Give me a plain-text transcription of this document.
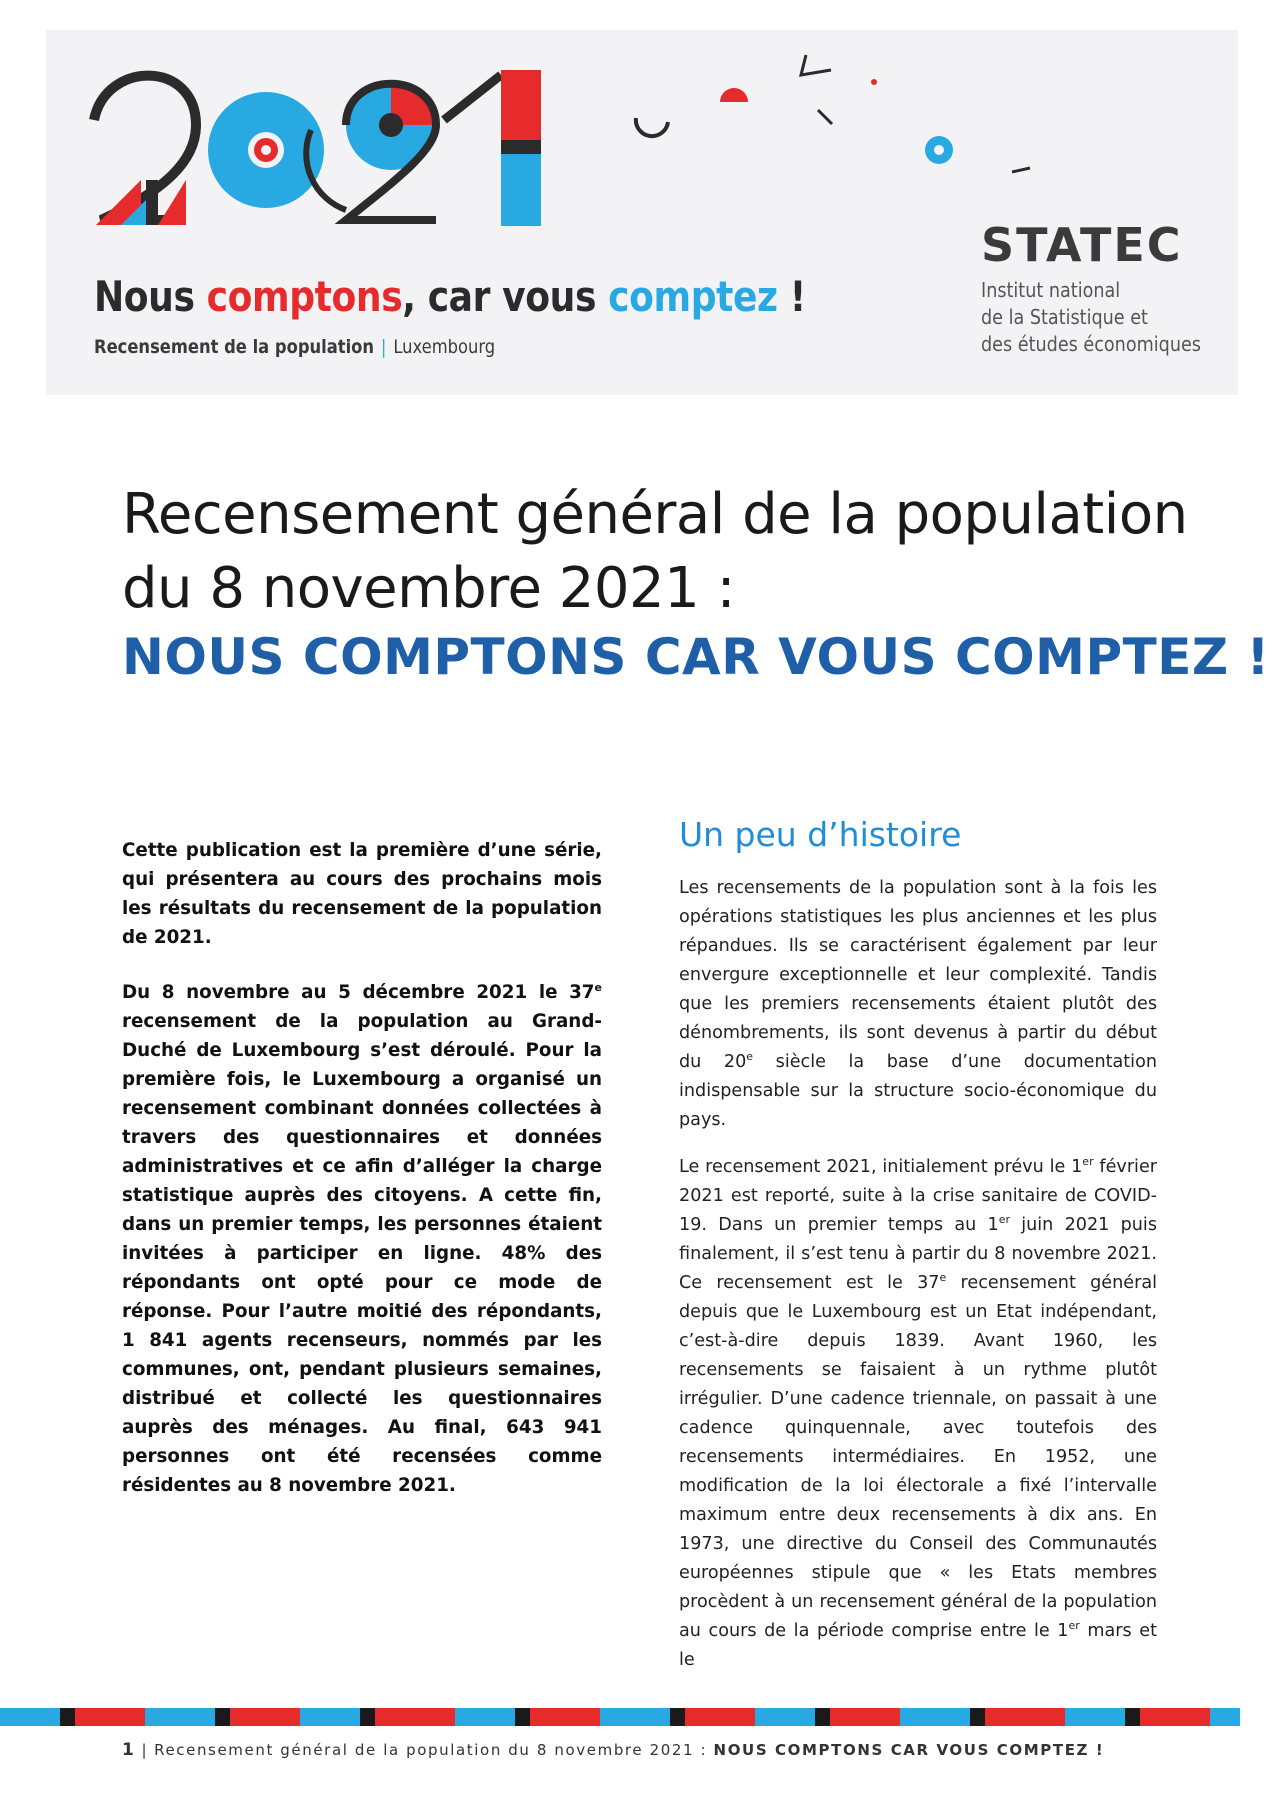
Nous comptons, car vous comptez !
Recensement de la population | Luxembourg
STATEC
Institut national
de la Statistique et
des études économiques
Recensement général de la population
du 8 novembre 2021 :
NOUS COMPTONS CAR VOUS COMPTEZ !

Cette publication est la première d’une série, qui présentera au cours des prochains mois les résultats du recensement de la population de 2021.

Du 8 novembre au 5 décembre 2021 le 37e recensement de la population au Grand-Duché de Luxembourg s’est déroulé. Pour la première fois, le Luxembourg a organisé un recensement combinant données collectées à travers des questionnaires et données administratives et ce afin d’alléger la charge statistique auprès des citoyens. A cette fin, dans un premier temps, les personnes étaient invitées à participer en ligne. 48% des répondants ont opté pour ce mode de réponse. Pour l’autre moitié des répondants, 1 841 agents recenseurs, nommés par les communes, ont, pendant plusieurs semaines, distribué et collecté les questionnaires auprès des ménages. Au final, 643 941 personnes ont été recensées comme résidentes au 8 novembre 2021.

Un peu d’histoire

Les recensements de la population sont à la fois les opérations statistiques les plus anciennes et les plus répandues. Ils se caractérisent également par leur envergure exceptionnelle et leur complexité. Tandis que les premiers recensements étaient plutôt des dénombrements, ils sont devenus à partir du début du 20e siècle la base d’une documentation indispensable sur la structure socio-économique du pays.

Le recensement 2021, initialement prévu le 1er février 2021 est reporté, suite à la crise sanitaire de COVID-19. Dans un premier temps au 1er juin 2021 puis finalement, il s’est tenu à partir du 8 novembre 2021. Ce recensement est le 37e recensement général depuis que le Luxembourg est un Etat indépendant, c’est-à-dire depuis 1839. Avant 1960, les recensements se faisaient à un rythme plutôt irrégulier. D’une cadence triennale, on passait à une cadence quinquennale, avec toutefois des recensements intermédiaires. En 1952, une modification de la loi électorale a fixé l’intervalle maximum entre deux recensements à dix ans. En 1973, une directive du Conseil des Communautés européennes stipule que « les Etats membres procèdent à un recensement général de la population au cours de la période comprise entre le 1er mars et le

1 | Recensement général de la population du 8 novembre 2021 : NOUS COMPTONS CAR VOUS COMPTEZ !
